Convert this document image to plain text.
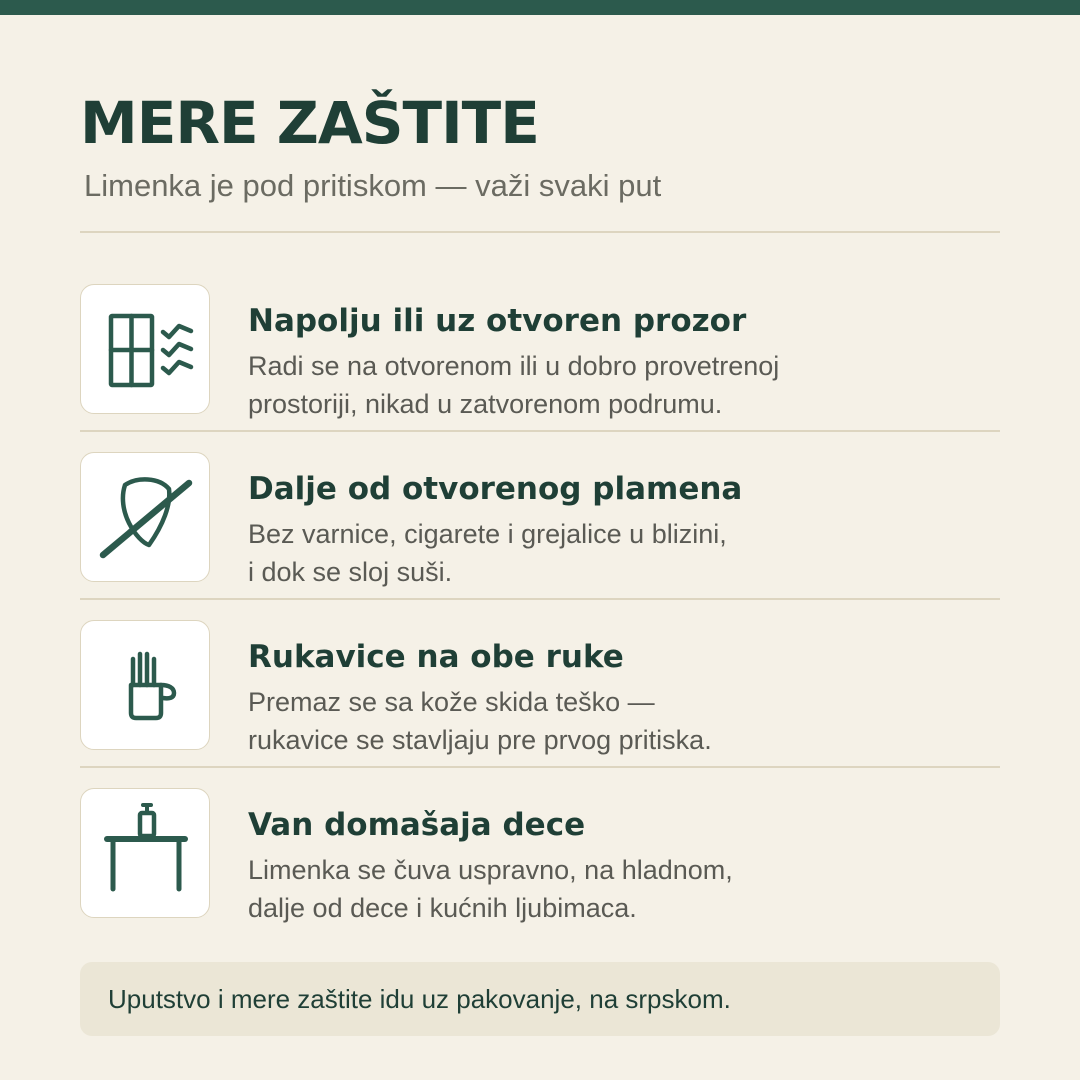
MERE ZAŠTITE
Limenka je pod pritiskom — važi svaki put
Napolju ili uz otvoren prozor
Radi se na otvorenom ili u dobro provetrenoj
prostoriji, nikad u zatvorenom podrumu.
Dalje od otvorenog plamena
Bez varnice, cigarete i grejalice u blizini,
i dok se sloj suši.
Rukavice na obe ruke
Premaz se sa kože skida teško —
rukavice se stavljaju pre prvog pritiska.
Van domašaja dece
Limenka se čuva uspravno, na hladnom,
dalje od dece i kućnih ljubimaca.
Uputstvo i mere zaštite idu uz pakovanje, na srpskom.
